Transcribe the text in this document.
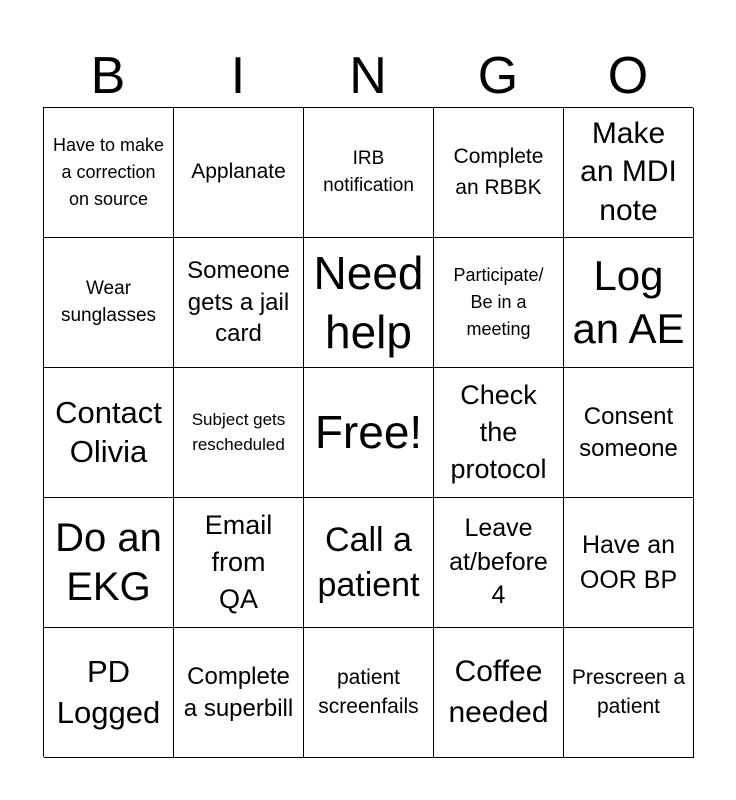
B	I	N	G	O
Have to make a correction on source
Applanate
IRB notification
Complete an RBBK
Make an MDI note
Wear sunglasses
Someone gets a jail card
Need help
Participate/ Be in a meeting
Log an AE
Contact Olivia
Subject gets rescheduled Free!
Check the protocol
Consent someone
Do an EKG
Email from QA
Call a patient
Leave at/before 4
Have an OOR BP
PD Logged
Complete a superbill
patient screenfails
Coffee needed
Prescreen a patient
